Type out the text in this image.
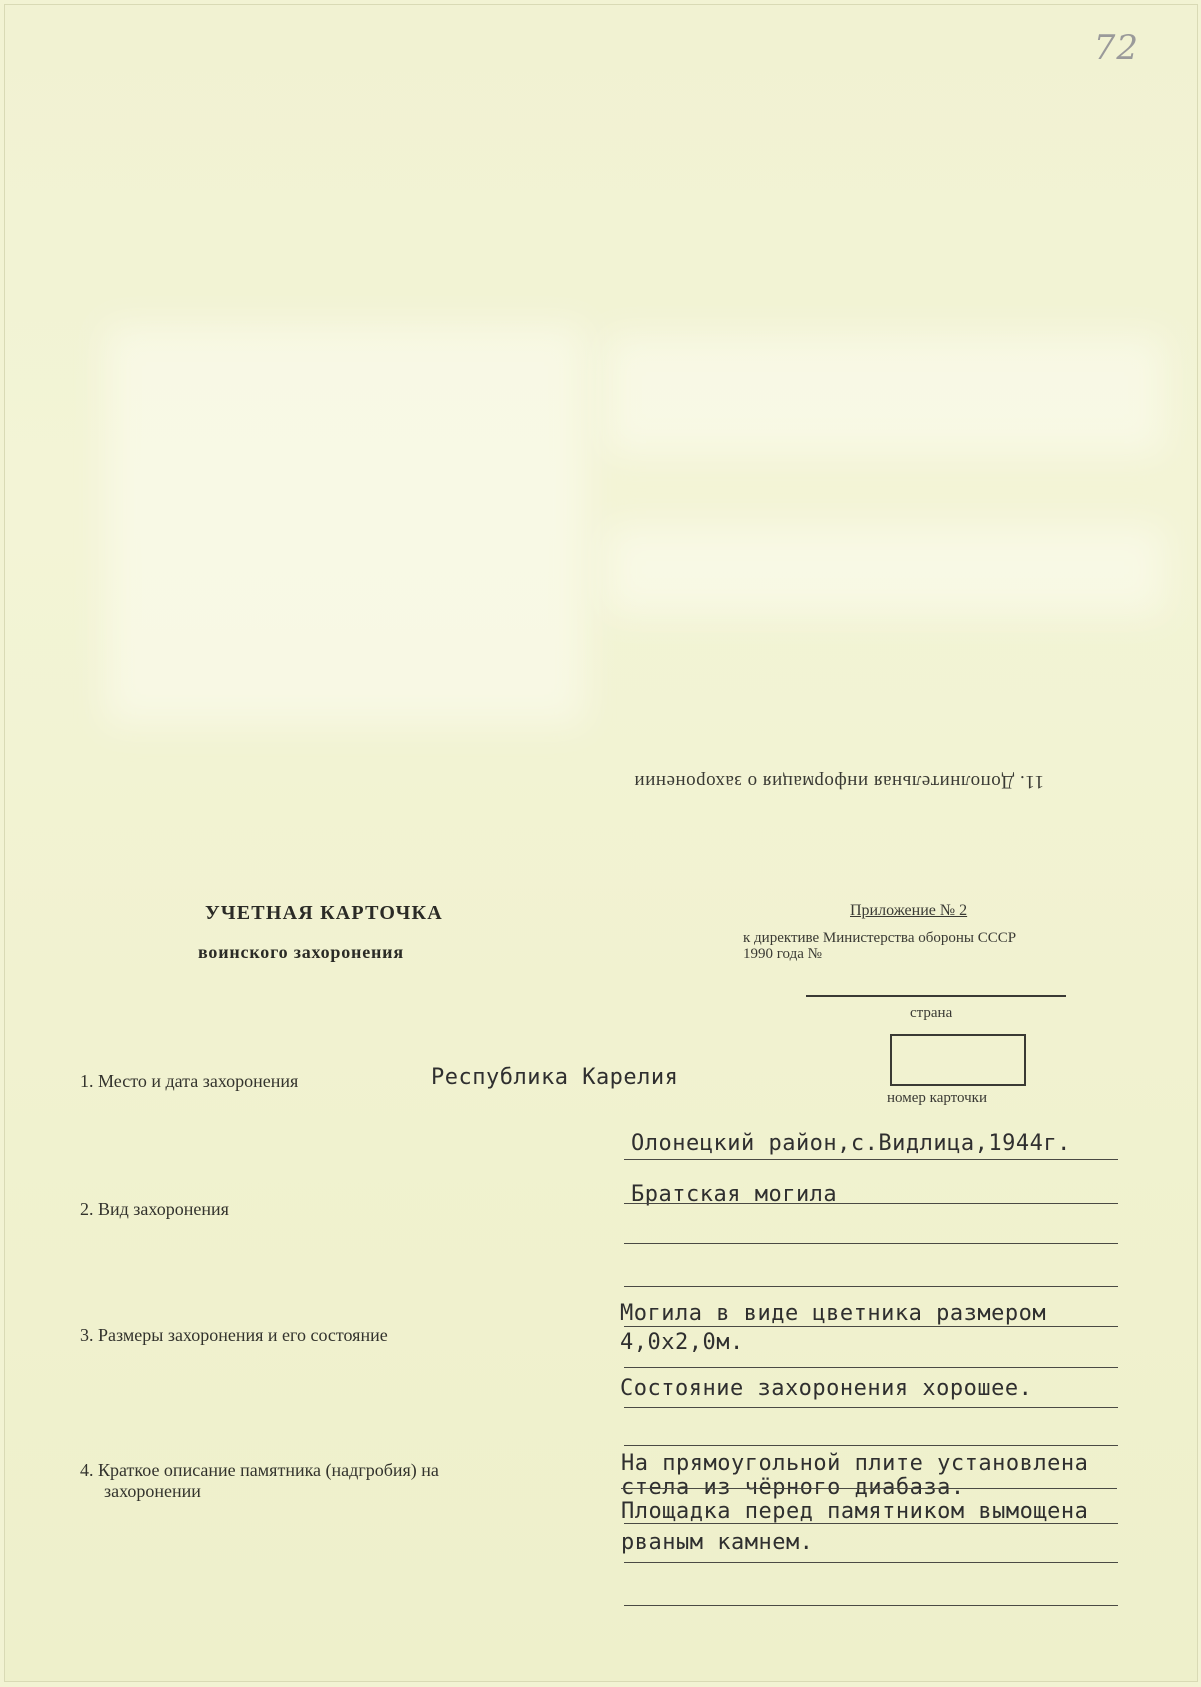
72
11. Дополнительная информация о захоронении
УЧЕТНАЯ КАРТОЧКА
воинского захоронения
Приложение № 2
к директиве Министерства обороны СССР
1990 года №
страна
номер карточки
1. Место и дата захоронения	Республика Карелия
Олонецкий район,с.Видлица,1944г.
2. Вид захоронения
Братская могила
3. Размеры захоронения и его состояние
Могила в виде цветника размером
4,0х2,0м.
Состояние захоронения хорошее.
4. Краткое описание памятника (надгробия) на
захоронении
На прямоугольной плите установлена
стела из чёрного диабаза.
Площадка перед памятником вымощена
рваным камнем.
